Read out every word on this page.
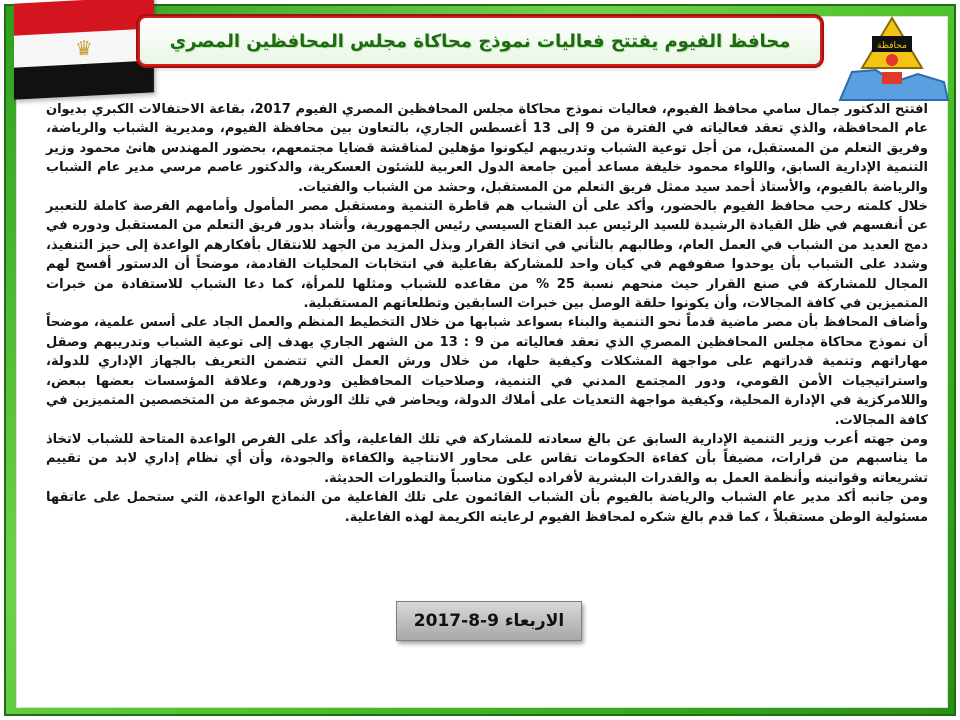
♛	محافظ الفيوم يفتتح فعاليات نموذج محاكاة مجلس المحافظين المصري	محافظة

افتتح الدكتور جمال سامي محافظ الفيوم، فعاليات نموذج محاكاة مجلس المحافظين المصري الفيوم 2017، بقاعة الاحتفالات الكبري بديوان عام المحافظة، والذي تعقد فعالياته في الفترة من 9 إلى 13 أغسطس الجاري، بالتعاون بين محافظة الفيوم، ومديرية الشباب والرياضة، وفريق التعلم من المستقبل، من أجل توعية الشباب وتدريبهم ليكونوا مؤهلين لمناقشة قضايا مجتمعهم، بحضور المهندس هانئ محمود وزير التنمية الإدارية السابق، واللواء محمود خليفة مساعد أمين جامعة الدول العربية للشئون العسكرية، والدكتور عاصم مرسي مدير عام الشباب والرياضة بالفيوم، والأستاذ أحمد سيد ممثل فريق التعلم من المستقبل، وحشد من الشباب والفتيات.

خلال كلمته رحب محافظ الفيوم بالحضور، وأكد على أن الشباب هم قاطرة التنمية ومستقبل مصر المأمول وأمامهم الفرصة كاملة للتعبير عن أنفسهم في ظل القيادة الرشيدة للسيد الرئيس عبد الفتاح السيسي رئيس الجمهورية، وأشاد بدور فريق التعلم من المستقبل ودوره في دمج العديد من الشباب في العمل العام، وطالبهم بالتأني في اتخاذ القرار وبذل المزيد من الجهد للانتقال بأفكارهم الواعدة إلى حيز التنفيذ، وشدد على الشباب بأن يوحدوا صفوفهم في كيان واحد للمشاركة بفاعلية في انتخابات المحليات القادمة، موضحاً أن الدستور أفسح لهم المجال للمشاركة في صنع القرار حيث منحهم نسبة 25 % من مقاعده للشباب ومثلها للمرأة، كما دعا الشباب للاستفادة من خبرات المتميزين في كافة المجالات، وأن يكونوا حلقة الوصل بين خبرات السابقين وتطلعاتهم المستقبلية.

وأضاف المحافظ بأن مصر ماضية قدماً نحو التنمية والبناء بسواعد شبابها من خلال التخطيط المنظم والعمل الجاد على أسس علمية، موضحاً أن نموذج محاكاة مجلس المحافظين المصري الذي تعقد فعالياته من 9 : 13 من الشهر الجاري يهدف إلى توعية الشباب وتدريبهم وصقل مهاراتهم وتنمية قدراتهم على مواجهة المشكلات وكيفية حلها، من خلال ورش العمل التي تتضمن التعريف بالجهاز الإداري للدولة، واستراتيجيات الأمن القومي، ودور المجتمع المدني في التنمية، وصلاحيات المحافظين ودورهم، وعلاقة المؤسسات بعضها ببعض، واللامركزية في الإدارة المحلية، وكيفية مواجهة التعديات على أملاك الدولة، ويحاضر في تلك الورش مجموعة من المتخصصين المتميزين في كافة المجالات.

ومن جهته أعرب وزير التنمية الإدارية السابق عن بالغ سعادته للمشاركة في تلك الفاعلية، وأكد على الفرص الواعدة المتاحة للشباب لاتخاذ ما يناسبهم من قرارات، مضيفاً بأن كفاءة الحكومات تقاس على محاور الانتاجية والكفاءة والجودة، وأن أي نظام إداري لابد من تقييم تشريعاته وقوانينه وأنظمة العمل به والقدرات البشرية لأفراده ليكون مناسباً والتطورات الحديثة.

ومن جانبه أكد مدير عام الشباب والرياضة بالفيوم بأن الشباب القائمون على تلك الفاعلية من النماذج الواعدة، التي ستحمل على عاتقها مسئولية الوطن مستقبلاً ، كما قدم بالغ شكره لمحافظ الفيوم لرعايته الكريمة لهذه الفاعلية.

الاربعاء 9-8-2017
